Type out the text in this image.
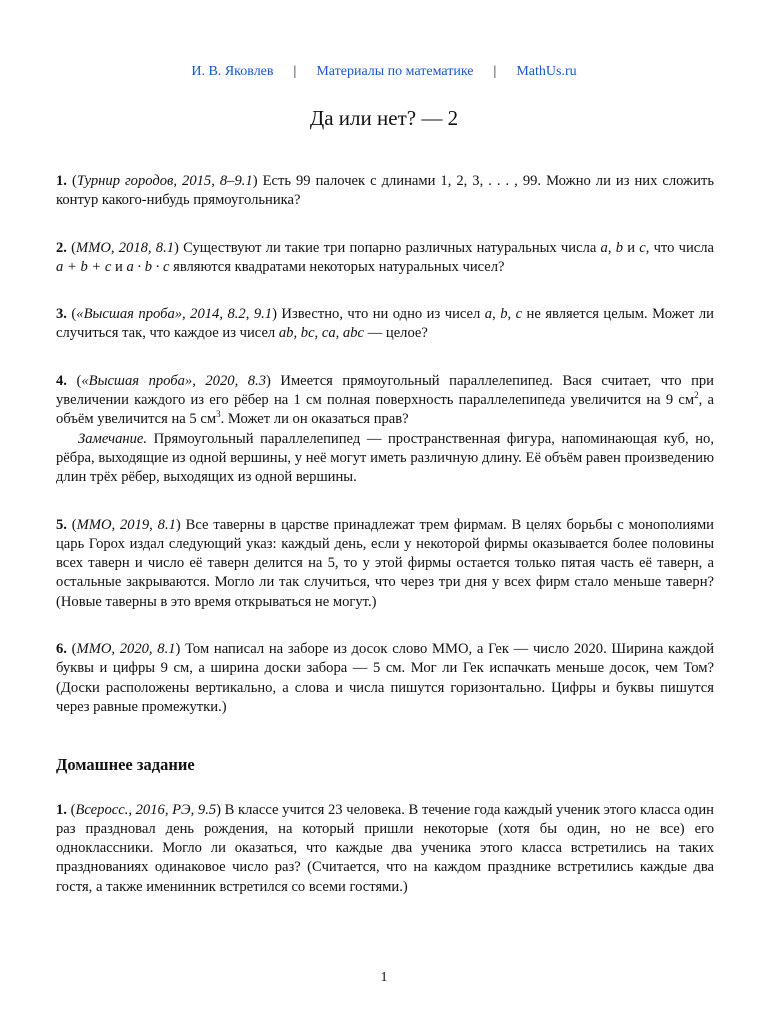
И. В. Яковлев | Материалы по математике | MathUs.ru
Да или нет? — 2

1. (Турнир городов, 2015, 8–9.1) Есть 99 палочек с длинами 1, 2, 3, . . . , 99. Можно ли из них сложить контур какого-нибудь прямоугольника?

2. (ММО, 2018, 8.1) Существуют ли такие три попарно различных натуральных числа a, b и c, что числа a + b + c и a · b · c являются квадратами некоторых натуральных чисел?

3. («Высшая проба», 2014, 8.2, 9.1) Известно, что ни одно из чисел a, b, c не является целым. Может ли случиться так, что каждое из чисел ab, bc, ca, abc — целое?

4. («Высшая проба», 2020, 8.3) Имеется прямоугольный параллелепипед. Вася считает, что при увеличении каждого из его рёбер на 1 см полная поверхность параллелепипеда увеличится на 9 $см^2$, а объём увеличится на 5 $см^3$. Может ли он оказаться прав?

Замечание. Прямоугольный параллелепипед — пространственная фигура, напоминающая куб, но, рёбра, выходящие из одной вершины, у неё могут иметь различную длину. Её объём равен произведению длин трёх рёбер, выходящих из одной вершины.

5. (ММО, 2019, 8.1) Все таверны в царстве принадлежат трем фирмам. В целях борьбы с монополиями царь Горох издал следующий указ: каждый день, если у некоторой фирмы оказывается более половины всех таверн и число её таверн делится на 5, то у этой фирмы остается только пятая часть её таверн, а остальные закрываются. Могло ли так случиться, что через три дня у всех фирм стало меньше таверн? (Новые таверны в это время открываться не могут.)

6. (ММО, 2020, 8.1) Том написал на заборе из досок слово ММО, а Гек — число 2020. Ширина каждой буквы и цифры 9 см, а ширина доски забора — 5 см. Мог ли Гек испачкать меньше досок, чем Том? (Доски расположены вертикально, а слова и числа пишутся горизонтально. Цифры и буквы пишутся через равные промежутки.)

Домашнее задание

1. (Всеросс., 2016, РЭ, 9.5) В классе учится 23 человека. В течение года каждый ученик этого класса один раз праздновал день рождения, на который пришли некоторые (хотя бы один, но не все) его одноклассники. Могло ли оказаться, что каждые два ученика этого класса встретились на таких празднованиях одинаковое число раз? (Считается, что на каждом празднике встретились каждые два гостя, а также именинник встретился со всеми гостями.)

1
